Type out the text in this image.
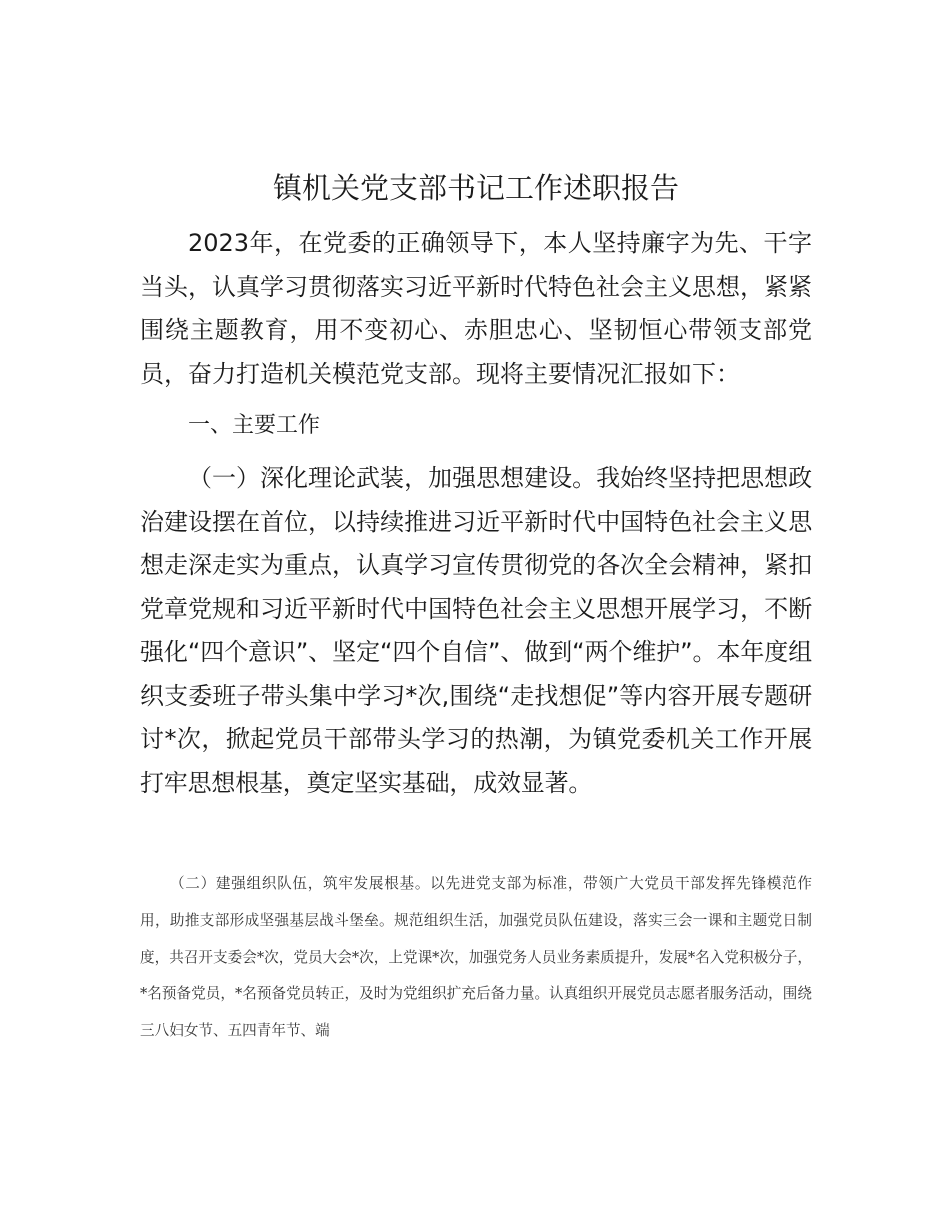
镇机关党支部书记工作述职报告

2023年，在党委的正确领导下，本人坚持廉字为先、干字当头，认真学习贯彻落实习近平新时代特色社会主义思想，紧紧围绕主题教育，用不变初心、赤胆忠心、坚韧恒心带领支部党员，奋力打造机关模范党支部。现将主要情况汇报如下：

一、主要工作

（一）深化理论武装，加强思想建设。我始终坚持把思想政治建设摆在首位，以持续推进习近平新时代中国特色社会主义思想走深走实为重点，认真学习宣传贯彻党的各次全会精神，紧扣党章党规和习近平新时代中国特色社会主义思想开展学习，不断强化“四个意识”、坚定“四个自信”、做到“两个维护”。本年度组织支委班子带头集中学习*次,围绕“走找想促”等内容开展专题研讨*次，掀起党员干部带头学习的热潮，为镇党委机关工作开展打牢思想根基，奠定坚实基础，成效显著。

（二）建强组织队伍，筑牢发展根基。以先进党支部为标准，带领广大党员干部发挥先锋模范作用，助推支部形成坚强基层战斗堡垒。规范组织生活，加强党员队伍建设，落实三会一课和主题党日制度，共召开支委会*次，党员大会*次，上党课*次，加强党务人员业务素质提升，发展*名入党积极分子，*名预备党员，*名预备党员转正，及时为党组织扩充后备力量。认真组织开展党员志愿者服务活动，围绕三八妇女节、五四青年节、端
